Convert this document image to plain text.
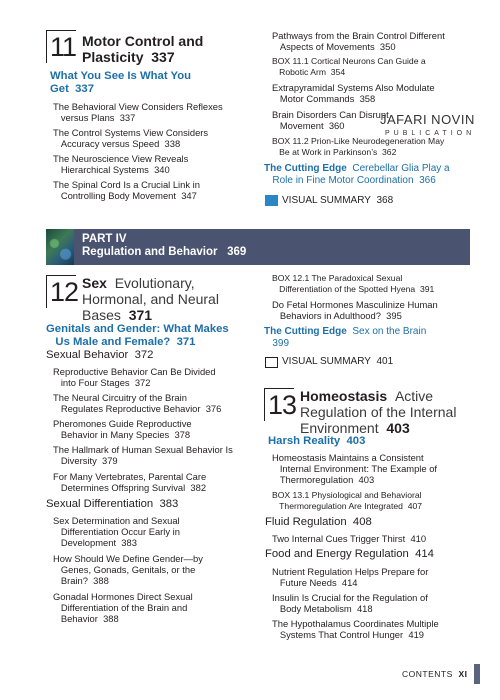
11 Motor Control and
Plasticity 337
What You See Is What You
Get 337
The Behavioral View Considers Reflexes
versus Plans 337
The Control Systems View Considers
Accuracy versus Speed 338
The Neuroscience View Reveals
Hierarchical Systems 340
The Spinal Cord Is a Crucial Link in
Controlling Body Movement 347
Pathways from the Brain Control Different
Aspects of Movements 350
BOX 11.1 Cortical Neurons Can Guide a
Robotic Arm 354
Extrapyramidal Systems Also Modulate
Motor Commands 358
Brain Disorders Can Disrupt
Movement 360
BOX 11.2 Prion-Like Neurodegeneration May
Be at Work in Parkinson’s 362
The Cutting Edge Cerebellar Glia Play a
Role in Fine Motor Coordination 366
VISUAL SUMMARY 368
JAFARI NOVIN
PUBLICATION
PART IV
Regulation and Behavior 369
12 Sex Evolutionary,
Hormonal, and Neural
Bases 371
Genitals and Gender: What Makes
Us Male and Female? 371
Sexual Behavior 372
Reproductive Behavior Can Be Divided
into Four Stages 372
The Neural Circuitry of the Brain
Regulates Reproductive Behavior 376
Pheromones Guide Reproductive
Behavior in Many Species 378
The Hallmark of Human Sexual Behavior Is
Diversity 379
For Many Vertebrates, Parental Care
Determines Offspring Survival 382
Sexual Differentiation 383
Sex Determination and Sexual
Differentiation Occur Early in
Development 383
How Should We Define Gender—by
Genes, Gonads, Genitals, or the
Brain? 388
Gonadal Hormones Direct Sexual
Differentiation of the Brain and
Behavior 388
BOX 12.1 The Paradoxical Sexual
Differentiation of the Spotted Hyena 391
Do Fetal Hormones Masculinize Human
Behaviors in Adulthood? 395
The Cutting Edge Sex on the Brain
399
VISUAL SUMMARY 401
13 Homeostasis Active
Regulation of the Internal
Environment 403
Harsh Reality 403
Homeostasis Maintains a Consistent
Internal Environment: The Example of
Thermoregulation 403
BOX 13.1 Physiological and Behavioral
Thermoregulation Are Integrated 407
Fluid Regulation 408
Two Internal Cues Trigger Thirst 410
Food and Energy Regulation 414
Nutrient Regulation Helps Prepare for
Future Needs 414
Insulin Is Crucial for the Regulation of
Body Metabolism 418
The Hypothalamus Coordinates Multiple
Systems That Control Hunger 419
CONTENTS XI
